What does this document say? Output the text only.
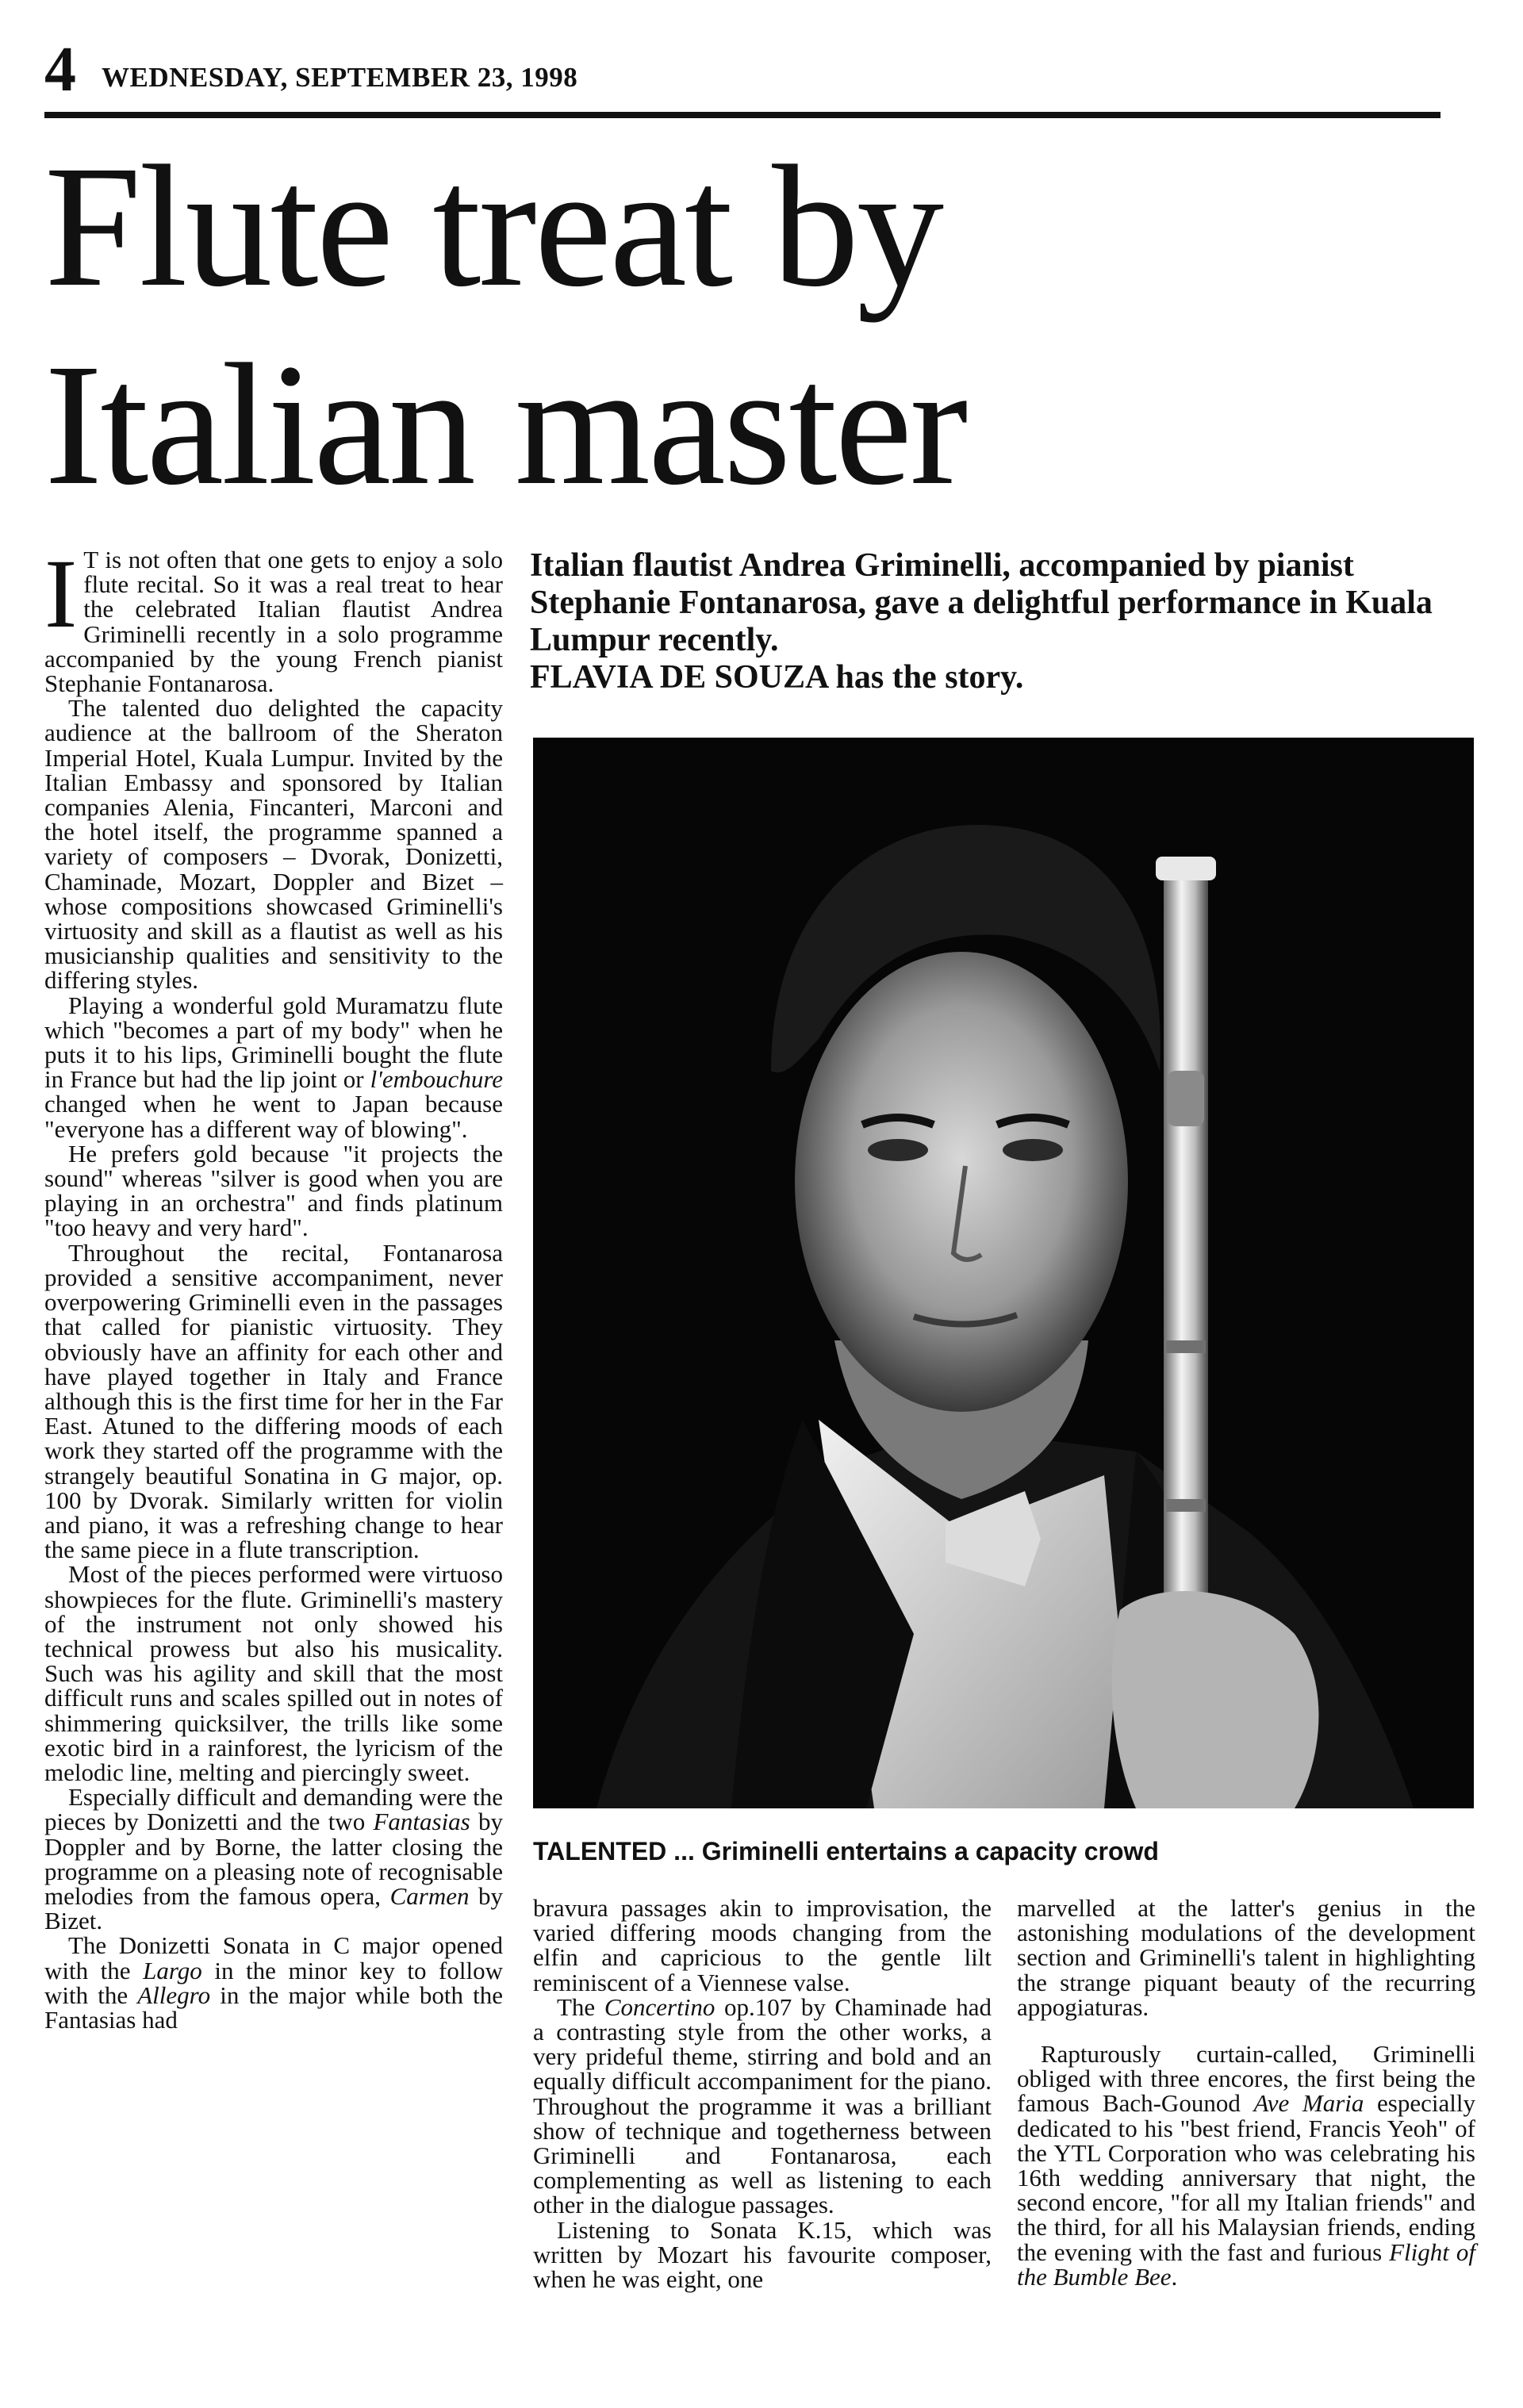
4 WEDNESDAY, SEPTEMBER 23, 1998
Flute treat by
Italian master

I T is not often that one gets to enjoy a solo flute recital. So it was a real treat to hear the celebrated Italian flautist Andrea Griminelli recently in a solo programme accompanied by the young French pianist Stephanie Fontanarosa.

The talented duo delighted the capacity audience at the ballroom of the Sheraton Imperial Hotel, Kuala Lumpur. Invited by the Italian Embassy and sponsored by Italian companies Alenia, Fincanteri, Marconi and the hotel itself, the programme spanned a variety of composers – Dvorak, Donizetti, Chaminade, Mozart, Doppler and Bizet – whose compositions showcased Griminelli's virtuosity and skill as a flautist as well as his musicianship qualities and sensitivity to the differing styles.

Playing a wonderful gold Muramatzu flute which "becomes a part of my body" when he puts it to his lips, Griminelli bought the flute in France but had the lip joint or l'embouchure changed when he went to Japan because "everyone has a different way of blowing".

He prefers gold because "it projects the sound" whereas "silver is good when you are playing in an orchestra" and finds platinum "too heavy and very hard".

Throughout the recital, Fontanarosa provided a sensitive accompaniment, never overpowering Griminelli even in the passages that called for pianistic virtuosity. They obviously have an affinity for each other and have played together in Italy and France although this is the first time for her in the Far East. Atuned to the differing moods of each work they started off the programme with the strangely beautiful Sonatina in G major, op. 100 by Dvorak. Similarly written for violin and piano, it was a refreshing change to hear the same piece in a flute transcription.

Most of the pieces performed were virtuoso showpieces for the flute. Griminelli's mastery of the instrument not only showed his technical prowess but also his musicality. Such was his agility and skill that the most difficult runs and scales spilled out in notes of shimmering quicksilver, the trills like some exotic bird in a rainforest, the lyricism of the melodic line, melting and piercingly sweet.

Especially difficult and demanding were the pieces by Donizetti and the two Fantasias by Doppler and by Borne, the latter closing the programme on a pleasing note of recognisable melodies from the famous opera, Carmen by Bizet.

The Donizetti Sonata in C major opened with the Largo in the minor key to follow with the Allegro in the major while both the Fantasias had

Italian flautist Andrea Griminelli, accompanied by pianist Stephanie Fontanarosa, gave a delightful performance in Kuala Lumpur recently.
FLAVIA DE SOUZA has the story.

TALENTED ... Griminelli entertains a capacity crowd

bravura passages akin to improvisation, the varied differing moods changing from the elfin and capricious to the gentle lilt reminiscent of a Viennese valse.

The Concertino op.107 by Chaminade had a contrasting style from the other works, a very prideful theme, stirring and bold and an equally difficult accompaniment for the piano. Throughout the programme it was a brilliant show of technique and togetherness between Griminelli and Fontanarosa, each complementing as well as listening to each other in the dialogue passages.

Listening to Sonata K.15, which was written by Mozart his favourite composer, when he was eight, one

marvelled at the latter's genius in the astonishing modulations of the development section and Griminelli's talent in highlighting the strange piquant beauty of the recurring appogiaturas.

Rapturously curtain-called, Griminelli obliged with three encores, the first being the famous Bach-Gounod Ave Maria especially dedicated to his "best friend, Francis Yeoh" of the YTL Corporation who was celebrating his 16th wedding anniversary that night, the second encore, "for all my Italian friends" and the third, for all his Malaysian friends, ending the evening with the fast and furious Flight of the Bumble Bee.
